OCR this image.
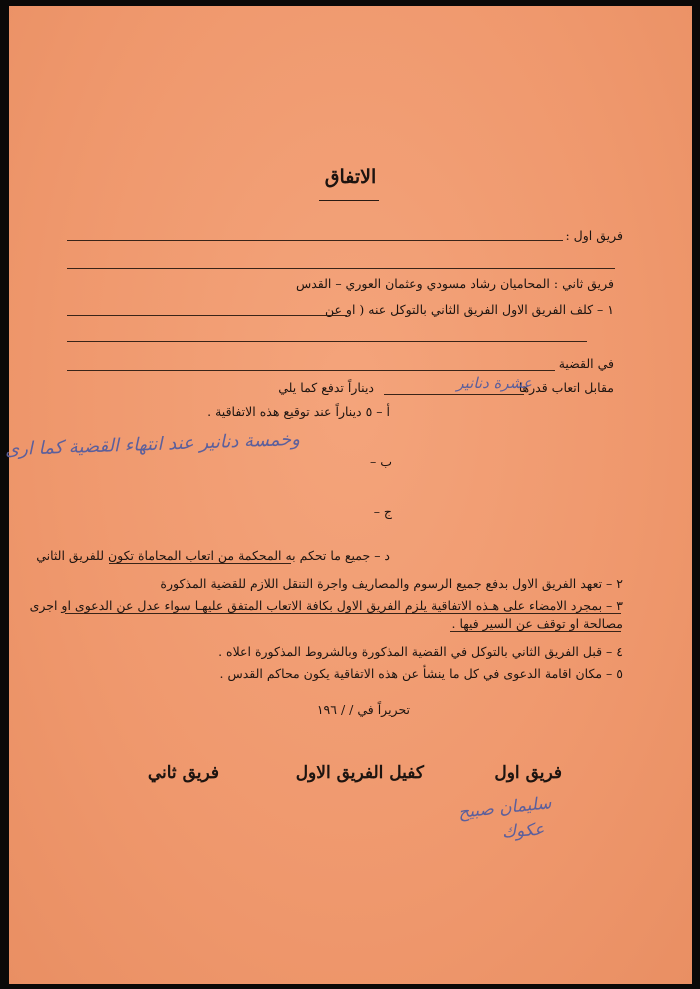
الاتفاق
فريق اول :
فريق ثاني : المحاميان رشاد مسودي وعثمان العوري – القدس
١ – كلف الفريق الاول الفريق الثاني بالتوكل عنه ( او عن
في القضية
مقابل اتعاب قدرها
عشرة دنانير
ديناراً تدفع كما يلي
أ – ٥ ديناراً عند توقيع هذه الاتفاقية .
ب –
وخمسة دنانير عند انتهاء القضية كما ارى
ج –
د – جميع ما تحكم به المحكمة من اتعاب المحاماة تكون للفريق الثاني
٢ – تعهد الفريق الاول بدفع جميع الرسوم والمصاريف واجرة التنقل اللازم للقضية المذكورة
٣ – بمجرد الامضاء على هـذه الاتفاقية يلزم الفريق الاول بكافة الاتعاب المتفق عليهـا سواء عدل عن الدعوى او اجرى
مصالحة او توقف عن السير فيها .
٤ – قبل الفريق الثاني بالتوكل في القضية المذكورة وبالشروط المذكورة اعلاه .
٥ – مكان اقامة الدعوى في كل ما ينشأ عن هذه الاتفاقية يكون محاكم القدس .
تحريراً في / / ١٩٦
فريق اول
كفيل الفريق الاول
فريق ثاني
سليمان صبيح
عكوك
